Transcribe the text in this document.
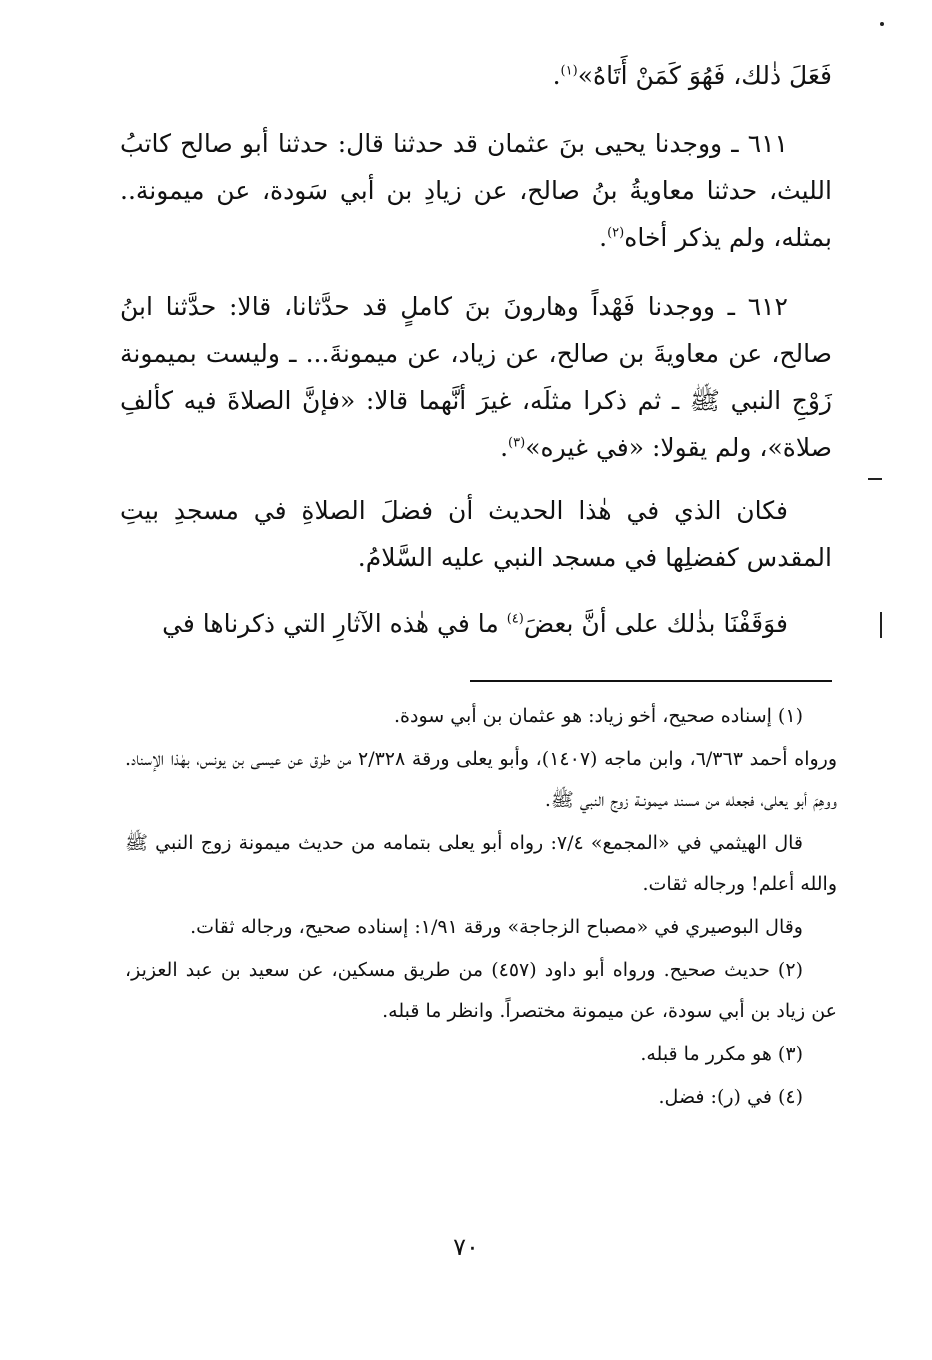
فَعَلَ ذٰلك، فَهُوَ كَمَنْ أَتَاهُ»$^{(١)}$.

٦١١ ـ ووجدنا يحيى بنَ عثمان قد حدثنا قال: حدثنا أبو صالح كاتبُ الليث، حدثنا معاويةُ بنُ صالح، عن زيادِ بن أبي سَودة، عن ميمونة.. بمثله، ولم يذكر أخاه$^{(٢)}$.

٦١٢ ـ ووجدنا فَهْداً وهارونَ بنَ كاملٍ قد حدَّثانا، قالا: حدَّثنا ابنُ صالح، عن معاويةَ بن صالح، عن زياد، عن ميمونةَ... ـ وليست بميمونة زَوْجِ النبي ﷺ ـ ثم ذكرا مثلَه، غيرَ أنَّهما قالا: «فإنَّ الصلاةَ فيه كألفِ صلاة»، ولم يقولا: «في غيره»$^{(٣)}$.

فكان الذي في هٰذا الحديث أن فضلَ الصلاةِ في مسجدِ بيتِ المقدس كفضلِها في مسجد النبي عليه السَّلامُ.

فوَقَفْنَا بذٰلك على أنَّ بعضَ$^{(٤)}$ ما في هٰذه الآثارِ التي ذكرناها في

(١) إسناده صحيح، أخو زياد: هو عثمان بن أبي سودة.

ورواه أحمد ٦/٣٦٣، وابن ماجه (١٤٠٧)، وأبو يعلى ورقة ٢/٣٢٨ من طرق عن عيسى بن يونس، بهٰذا الإسناد. ووهِمَ أبو يعلى، فجعله من مسند ميمونـة زوج النبي ﷺ.

قال الهيثمي في «المجمع» ٧/٤: رواه أبو يعلى بتمامه من حديث ميمونة زوج النبي ﷺ والله أعلم! ورجاله ثقات.

وقال البوصيري في «مصباح الزجاجة» ورقة ١/٩١: إسناده صحيح، ورجاله ثقات.

(٢) حديث صحيح. ورواه أبو داود (٤٥٧) من طريق مسكين، عن سعيد بن عبد العزيز، عن زياد بن أبي سودة، عن ميمونة مختصراً. وانظر ما قبله.

(٣) هو مكرر ما قبله.

(٤) في (ر): فضل.

٧٠
